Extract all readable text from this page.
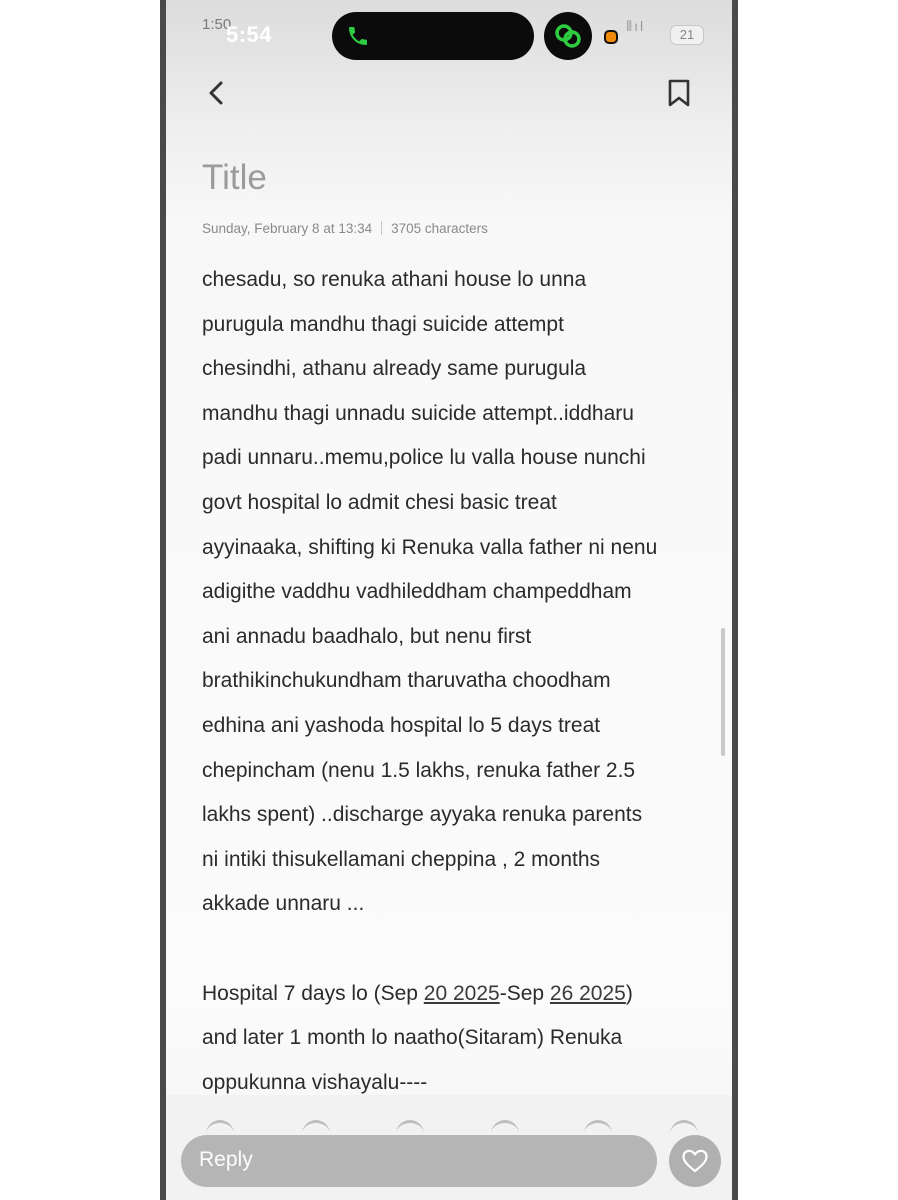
1:50
5:54	⦀ıl
21
Title
Sunday, February 8 at 13:34 3705 characters
chesadu, so renuka athani house lo unna
purugula mandhu thagi suicide attempt
chesindhi, athanu already same purugula
mandhu thagi unnadu suicide attempt..iddharu
padi unnaru..memu,police lu valla house nunchi
govt hospital lo admit chesi basic treat
ayyinaaka, shifting ki Renuka valla father ni nenu
adigithe vaddhu vadhileddham champeddham
ani annadu baadhalo, but nenu first
brathikinchukundham tharuvatha choodham
edhina ani yashoda hospital lo 5 days treat
chepincham (nenu 1.5 lakhs, renuka father 2.5
lakhs spent) ..discharge ayyaka renuka parents
ni intiki thisukellamani cheppina , 2 months
akkade unnaru ...
Hospital 7 days lo (Sep 20 2025-Sep 26 2025)
and later 1 month lo naatho(Sitaram) Renuka
oppukunna vishayalu----
Reply
